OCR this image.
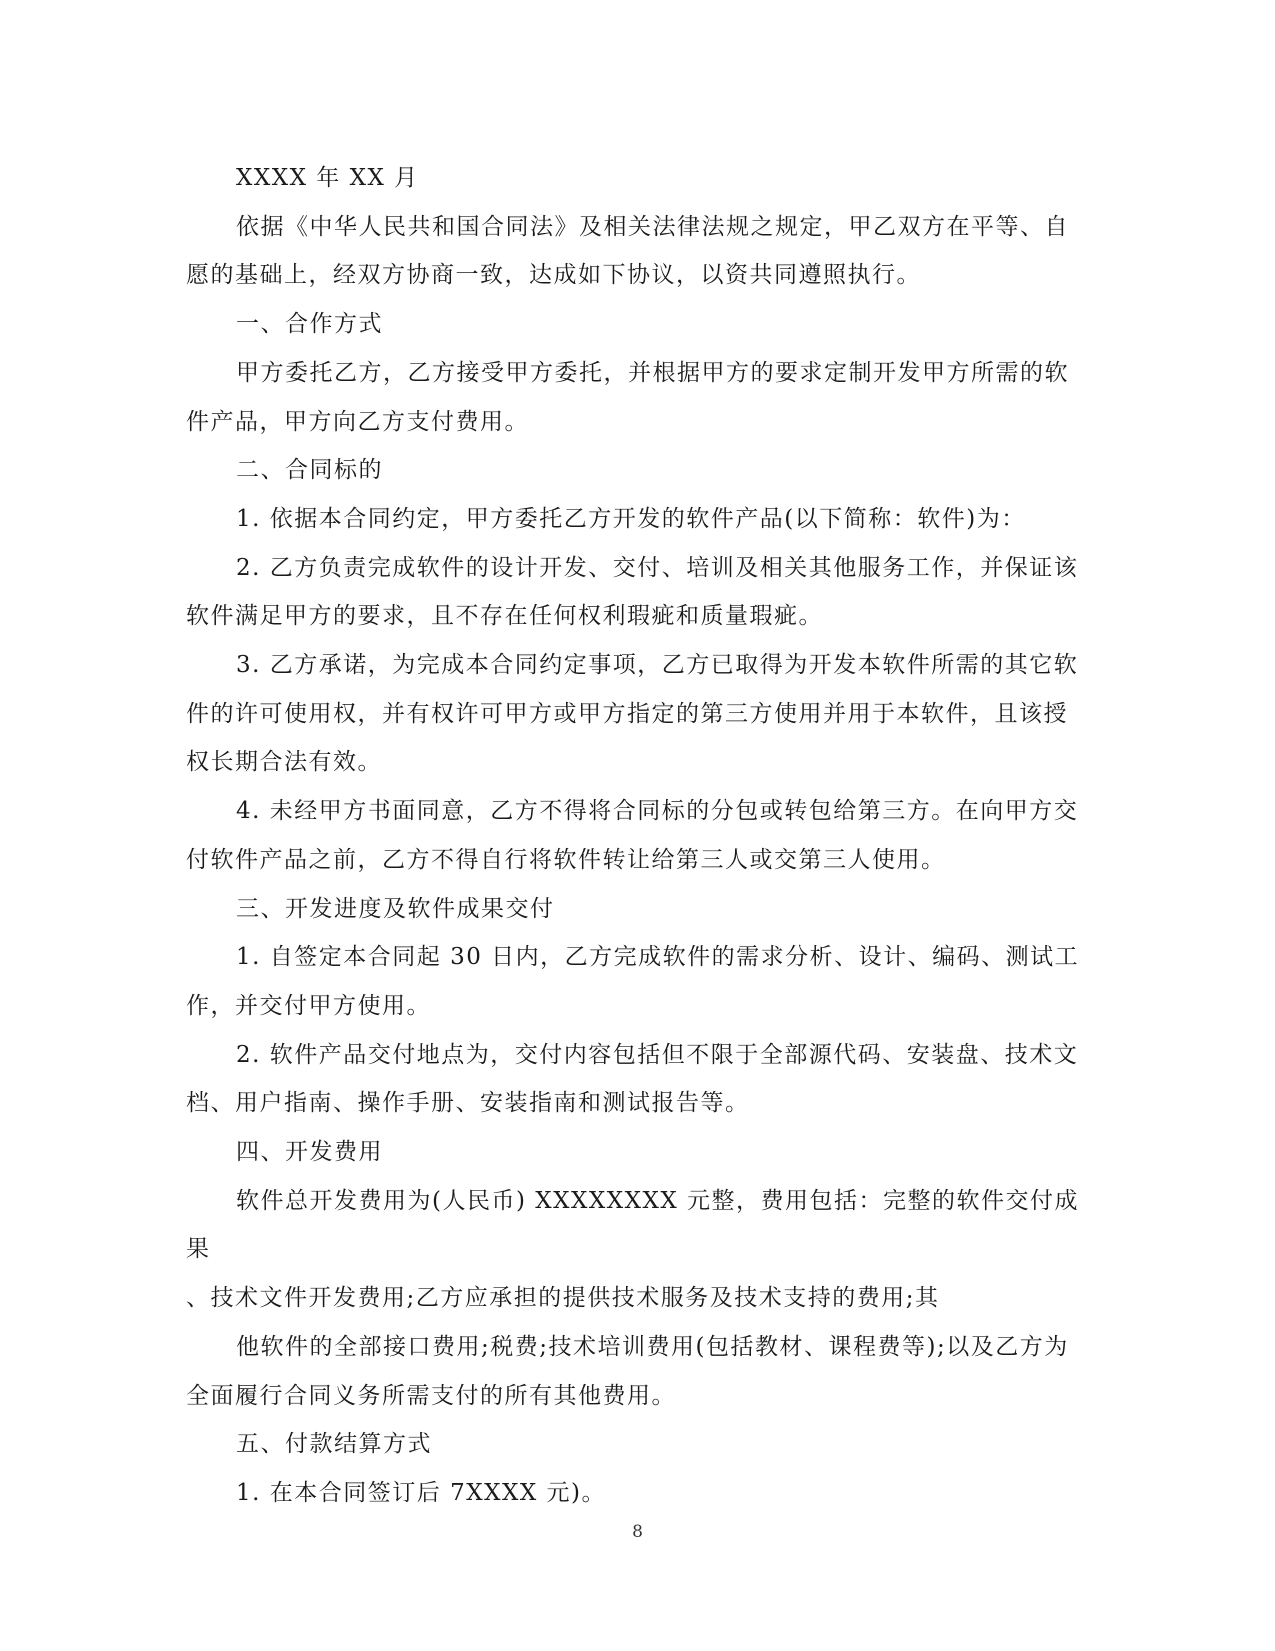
XXXX 年 XX 月

依据《中华人民共和国合同法》及相关法律法规之规定，甲乙双方在平等、自愿的基础上，经双方协商一致，达成如下协议，以资共同遵照执行。

一、合作方式

甲方委托乙方，乙方接受甲方委托，并根据甲方的要求定制开发甲方所需的软件产品，甲方向乙方支付费用。

二、合同标的

1. 依据本合同约定，甲方委托乙方开发的软件产品(以下简称：软件)为：

2. 乙方负责完成软件的设计开发、交付、培训及相关其他服务工作，并保证该软件满足甲方的要求，且不存在任何权利瑕疵和质量瑕疵。

3. 乙方承诺，为完成本合同约定事项，乙方已取得为开发本软件所需的其它软件的许可使用权，并有权许可甲方或甲方指定的第三方使用并用于本软件，且该授权长期合法有效。

4. 未经甲方书面同意，乙方不得将合同标的分包或转包给第三方。在向甲方交付软件产品之前，乙方不得自行将软件转让给第三人或交第三人使用。

三、开发进度及软件成果交付

1. 自签定本合同起 30 日内，乙方完成软件的需求分析、设计、编码、测试工作，并交付甲方使用。

2. 软件产品交付地点为，交付内容包括但不限于全部源代码、安装盘、技术文档、用户指南、操作手册、安装指南和测试报告等。

四、开发费用

软件总开发费用为(人民币) XXXXXXXX 元整，费用包括：完整的软件交付成果

、技术文件开发费用;乙方应承担的提供技术服务及技术支持的费用;其

他软件的全部接口费用;税费;技术培训费用(包括教材、课程费等);以及乙方为全面履行合同义务所需支付的所有其他费用。

五、付款结算方式

1. 在本合同签订后 7XXXX 元)。

8
